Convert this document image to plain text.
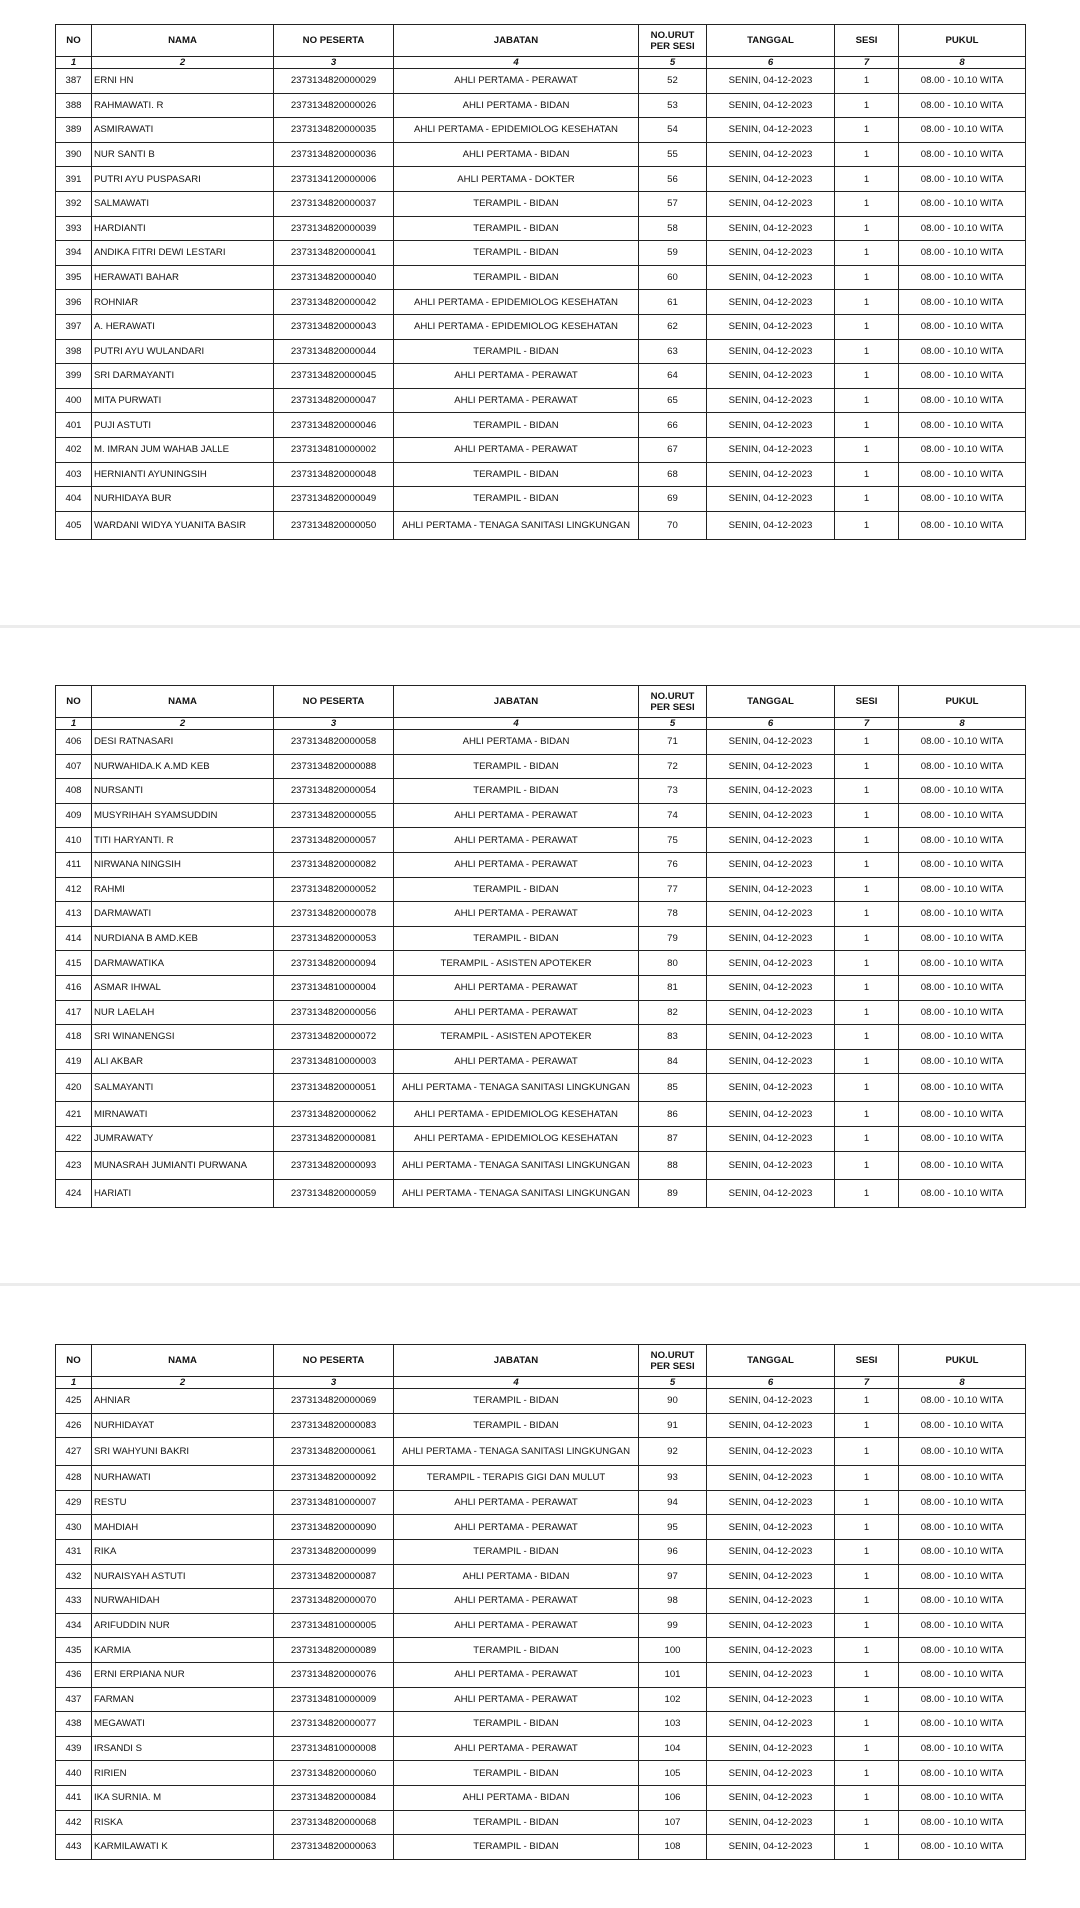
NO	NAMA	NO PESERTA	JABATAN	NO.URUT
PER SESI	TANGGAL	SESI	PUKUL
1	2	3	4	5	6	7	8
387	ERNI HN	2373134820000029	AHLI PERTAMA - PERAWAT	52	SENIN, 04-12-2023	1	08.00 - 10.10 WITA
388	RAHMAWATI. R	2373134820000026	AHLI PERTAMA - BIDAN	53	SENIN, 04-12-2023	1	08.00 - 10.10 WITA
389	ASMIRAWATI	2373134820000035	AHLI PERTAMA - EPIDEMIOLOG KESEHATAN	54	SENIN, 04-12-2023	1	08.00 - 10.10 WITA
390	NUR SANTI B	2373134820000036	AHLI PERTAMA - BIDAN	55	SENIN, 04-12-2023	1	08.00 - 10.10 WITA
391	PUTRI AYU PUSPASARI	2373134120000006	AHLI PERTAMA - DOKTER	56	SENIN, 04-12-2023	1	08.00 - 10.10 WITA
392	SALMAWATI	2373134820000037	TERAMPIL - BIDAN	57	SENIN, 04-12-2023	1	08.00 - 10.10 WITA
393	HARDIANTI	2373134820000039	TERAMPIL - BIDAN	58	SENIN, 04-12-2023	1	08.00 - 10.10 WITA
394	ANDIKA FITRI DEWI LESTARI	2373134820000041	TERAMPIL - BIDAN	59	SENIN, 04-12-2023	1	08.00 - 10.10 WITA
395	HERAWATI BAHAR	2373134820000040	TERAMPIL - BIDAN	60	SENIN, 04-12-2023	1	08.00 - 10.10 WITA
396	ROHNIAR	2373134820000042	AHLI PERTAMA - EPIDEMIOLOG KESEHATAN	61	SENIN, 04-12-2023	1	08.00 - 10.10 WITA
397	A. HERAWATI	2373134820000043	AHLI PERTAMA - EPIDEMIOLOG KESEHATAN	62	SENIN, 04-12-2023	1	08.00 - 10.10 WITA
398	PUTRI AYU WULANDARI	2373134820000044	TERAMPIL - BIDAN	63	SENIN, 04-12-2023	1	08.00 - 10.10 WITA
399	SRI DARMAYANTI	2373134820000045	AHLI PERTAMA - PERAWAT	64	SENIN, 04-12-2023	1	08.00 - 10.10 WITA
400	MITA PURWATI	2373134820000047	AHLI PERTAMA - PERAWAT	65	SENIN, 04-12-2023	1	08.00 - 10.10 WITA
401	PUJI ASTUTI	2373134820000046	TERAMPIL - BIDAN	66	SENIN, 04-12-2023	1	08.00 - 10.10 WITA
402	M. IMRAN JUM WAHAB JALLE	2373134810000002	AHLI PERTAMA - PERAWAT	67	SENIN, 04-12-2023	1	08.00 - 10.10 WITA
403	HERNIANTI AYUNINGSIH	2373134820000048	TERAMPIL - BIDAN	68	SENIN, 04-12-2023	1	08.00 - 10.10 WITA
404	NURHIDAYA BUR	2373134820000049	TERAMPIL - BIDAN	69	SENIN, 04-12-2023	1	08.00 - 10.10 WITA
405	WARDANI WIDYA YUANITA BASIR	2373134820000050	AHLI PERTAMA - TENAGA SANITASI LINGKUNGAN	70	SENIN, 04-12-2023	1	08.00 - 10.10 WITA
NO	NAMA	NO PESERTA	JABATAN	NO.URUT
PER SESI	TANGGAL	SESI	PUKUL
1	2	3	4	5	6	7	8
406	DESI RATNASARI	2373134820000058	AHLI PERTAMA - BIDAN	71	SENIN, 04-12-2023	1	08.00 - 10.10 WITA
407	NURWAHIDA.K A.MD KEB	2373134820000088	TERAMPIL - BIDAN	72	SENIN, 04-12-2023	1	08.00 - 10.10 WITA
408	NURSANTI	2373134820000054	TERAMPIL - BIDAN	73	SENIN, 04-12-2023	1	08.00 - 10.10 WITA
409	MUSYRIHAH SYAMSUDDIN	2373134820000055	AHLI PERTAMA - PERAWAT	74	SENIN, 04-12-2023	1	08.00 - 10.10 WITA
410	TITI HARYANTI. R	2373134820000057	AHLI PERTAMA - PERAWAT	75	SENIN, 04-12-2023	1	08.00 - 10.10 WITA
411	NIRWANA NINGSIH	2373134820000082	AHLI PERTAMA - PERAWAT	76	SENIN, 04-12-2023	1	08.00 - 10.10 WITA
412	RAHMI	2373134820000052	TERAMPIL - BIDAN	77	SENIN, 04-12-2023	1	08.00 - 10.10 WITA
413	DARMAWATI	2373134820000078	AHLI PERTAMA - PERAWAT	78	SENIN, 04-12-2023	1	08.00 - 10.10 WITA
414	NURDIANA B AMD.KEB	2373134820000053	TERAMPIL - BIDAN	79	SENIN, 04-12-2023	1	08.00 - 10.10 WITA
415	DARMAWATIKA	2373134820000094	TERAMPIL - ASISTEN APOTEKER	80	SENIN, 04-12-2023	1	08.00 - 10.10 WITA
416	ASMAR IHWAL	2373134810000004	AHLI PERTAMA - PERAWAT	81	SENIN, 04-12-2023	1	08.00 - 10.10 WITA
417	NUR LAELAH	2373134820000056	AHLI PERTAMA - PERAWAT	82	SENIN, 04-12-2023	1	08.00 - 10.10 WITA
418	SRI WINANENGSI	2373134820000072	TERAMPIL - ASISTEN APOTEKER	83	SENIN, 04-12-2023	1	08.00 - 10.10 WITA
419	ALI AKBAR	2373134810000003	AHLI PERTAMA - PERAWAT	84	SENIN, 04-12-2023	1	08.00 - 10.10 WITA
420	SALMAYANTI	2373134820000051	AHLI PERTAMA - TENAGA SANITASI LINGKUNGAN	85	SENIN, 04-12-2023	1	08.00 - 10.10 WITA
421	MIRNAWATI	2373134820000062	AHLI PERTAMA - EPIDEMIOLOG KESEHATAN	86	SENIN, 04-12-2023	1	08.00 - 10.10 WITA
422	JUMRAWATY	2373134820000081	AHLI PERTAMA - EPIDEMIOLOG KESEHATAN	87	SENIN, 04-12-2023	1	08.00 - 10.10 WITA
423	MUNASRAH JUMIANTI PURWANA	2373134820000093	AHLI PERTAMA - TENAGA SANITASI LINGKUNGAN	88	SENIN, 04-12-2023	1	08.00 - 10.10 WITA
424	HARIATI	2373134820000059	AHLI PERTAMA - TENAGA SANITASI LINGKUNGAN	89	SENIN, 04-12-2023	1	08.00 - 10.10 WITA
NO	NAMA	NO PESERTA	JABATAN	NO.URUT
PER SESI	TANGGAL	SESI	PUKUL
1	2	3	4	5	6	7	8
425	AHNIAR	2373134820000069	TERAMPIL - BIDAN	90	SENIN, 04-12-2023	1	08.00 - 10.10 WITA
426	NURHIDAYAT	2373134820000083	TERAMPIL - BIDAN	91	SENIN, 04-12-2023	1	08.00 - 10.10 WITA
427	SRI WAHYUNI BAKRI	2373134820000061	AHLI PERTAMA - TENAGA SANITASI LINGKUNGAN	92	SENIN, 04-12-2023	1	08.00 - 10.10 WITA
428	NURHAWATI	2373134820000092	TERAMPIL - TERAPIS GIGI DAN MULUT	93	SENIN, 04-12-2023	1	08.00 - 10.10 WITA
429	RESTU	2373134810000007	AHLI PERTAMA - PERAWAT	94	SENIN, 04-12-2023	1	08.00 - 10.10 WITA
430	MAHDIAH	2373134820000090	AHLI PERTAMA - PERAWAT	95	SENIN, 04-12-2023	1	08.00 - 10.10 WITA
431	RIKA	2373134820000099	TERAMPIL - BIDAN	96	SENIN, 04-12-2023	1	08.00 - 10.10 WITA
432	NURAISYAH ASTUTI	2373134820000087	AHLI PERTAMA - BIDAN	97	SENIN, 04-12-2023	1	08.00 - 10.10 WITA
433	NURWAHIDAH	2373134820000070	AHLI PERTAMA - PERAWAT	98	SENIN, 04-12-2023	1	08.00 - 10.10 WITA
434	ARIFUDDIN NUR	2373134810000005	AHLI PERTAMA - PERAWAT	99	SENIN, 04-12-2023	1	08.00 - 10.10 WITA
435	KARMIA	2373134820000089	TERAMPIL - BIDAN	100	SENIN, 04-12-2023	1	08.00 - 10.10 WITA
436	ERNI ERPIANA NUR	2373134820000076	AHLI PERTAMA - PERAWAT	101	SENIN, 04-12-2023	1	08.00 - 10.10 WITA
437	FARMAN	2373134810000009	AHLI PERTAMA - PERAWAT	102	SENIN, 04-12-2023	1	08.00 - 10.10 WITA
438	MEGAWATI	2373134820000077	TERAMPIL - BIDAN	103	SENIN, 04-12-2023	1	08.00 - 10.10 WITA
439	IRSANDI S	2373134810000008	AHLI PERTAMA - PERAWAT	104	SENIN, 04-12-2023	1	08.00 - 10.10 WITA
440	RIRIEN	2373134820000060	TERAMPIL - BIDAN	105	SENIN, 04-12-2023	1	08.00 - 10.10 WITA
441	IKA SURNIA. M	2373134820000084	AHLI PERTAMA - BIDAN	106	SENIN, 04-12-2023	1	08.00 - 10.10 WITA
442	RISKA	2373134820000068	TERAMPIL - BIDAN	107	SENIN, 04-12-2023	1	08.00 - 10.10 WITA
443	KARMILAWATI K	2373134820000063	TERAMPIL - BIDAN	108	SENIN, 04-12-2023	1	08.00 - 10.10 WITA
